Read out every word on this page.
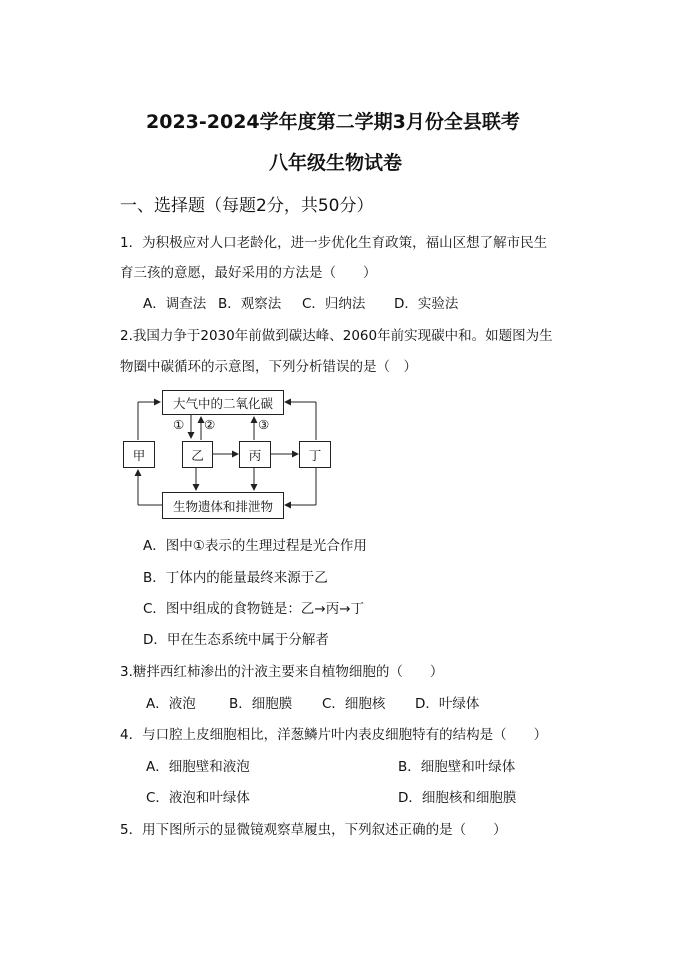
2023-2024学年度第二学期3月份全县联考
八年级生物试卷
一、选择题（每题2分，共50分）
1．为积极应对人口老龄化，进一步优化生育政策，福山区想了解市民生
育三孩的意愿，最好采用的方法是（　　）
A．调查法 B．观察法 C．归纳法 D．实验法
2.我国力争于2030年前做到碳达峰、2060年前实现碳中和。如题图为生
物圈中碳循环的示意图，下列分析错误的是（　）
大气中的二氧化碳
生物遗体和排泄物
甲	乙	丙	丁
① ②	③
A．图中①表示的生理过程是光合作用
B．丁体内的能量最终来源于乙
C．图中组成的食物链是：乙→丙→丁
D．甲在生态系统中属于分解者
3.糖拌西红柿渗出的汁液主要来自植物细胞的（　　）
A．液泡 B．细胞膜 C．细胞核 D．叶绿体
4．与口腔上皮细胞相比，洋葱鳞片叶内表皮细胞特有的结构是（　　）
A．细胞壁和液泡	B．细胞壁和叶绿体
C．液泡和叶绿体	D．细胞核和细胞膜
5．用下图所示的显微镜观察草履虫，下列叙述正确的是（　　）
